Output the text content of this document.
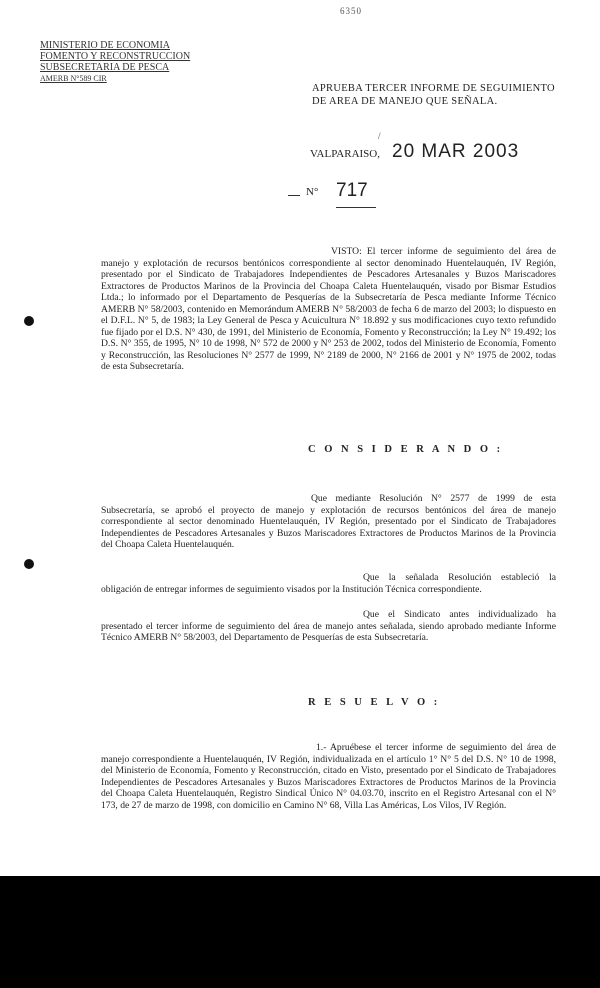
MINISTERIO DE ECONOMIA
FOMENTO Y RECONSTRUCCION
SUBSECRETARIA DE PESCA
AMERB N°589 CIR
6350
APRUEBA TERCER INFORME DE SEGUIMIENTO DE AREA DE MANEJO QUE SEÑALA.
/
VALPARAISO, 20 MAR 2003
N° 717

VISTO: El tercer informe de seguimiento del área de manejo y explotación de recursos bentónicos correspondiente al sector denominado Huentelauquén, IV Región, presentado por el Sindicato de Trabajadores Independientes de Pescadores Artesanales y Buzos Mariscadores Extractores de Productos Marinos de la Provincia del Choapa Caleta Huentelauquén, visado por Bismar Estudios Ltda.; lo informado por el Departamento de Pesquerías de la Subsecretaría de Pesca mediante Informe Técnico AMERB N° 58/2003, contenido en Memorándum AMERB N° 58/2003 de fecha 6 de marzo del 2003; lo dispuesto en el D.F.L. N° 5, de 1983; la Ley General de Pesca y Acuicultura N° 18.892 y sus modificaciones cuyo texto refundido fue fijado por el D.S. N° 430, de 1991, del Ministerio de Economía, Fomento y Reconstrucción; la Ley N° 19.492; los D.S. N° 355, de 1995, N° 10 de 1998, N° 572 de 2000 y N° 253 de 2002, todos del Ministerio de Economía, Fomento y Reconstrucción, las Resoluciones N° 2577 de 1999, N° 2189 de 2000, N° 2166 de 2001 y N° 1975 de 2002, todas de esta Subsecretaría.

C O N S I D E R A N D O :

Que mediante Resolución N° 2577 de 1999 de esta Subsecretaría, se aprobó el proyecto de manejo y explotación de recursos bentónicos del área de manejo correspondiente al sector denominado Huentelauquén, IV Región, presentado por el Sindicato de Trabajadores Independientes de Pescadores Artesanales y Buzos Mariscadores Extractores de Productos Marinos de la Provincia del Choapa Caleta Huentelauquén.

Que la señalada Resolución estableció la obligación de entregar informes de seguimiento visados por la Institución Técnica correspondiente.

Que el Sindicato antes individualizado ha presentado el tercer informe de seguimiento del área de manejo antes señalada, siendo aprobado mediante Informe Técnico AMERB N° 58/2003, del Departamento de Pesquerías de esta Subsecretaría.

R E S U E L V O :

1.- Apruébese el tercer informe de seguimiento del área de manejo correspondiente a Huentelauquén, IV Región, individualizada en el artículo 1° N° 5 del D.S. N° 10 de 1998, del Ministerio de Economía, Fomento y Reconstrucción, citado en Visto, presentado por el Sindicato de Trabajadores Independientes de Pescadores Artesanales y Buzos Mariscadores Extractores de Productos Marinos de la Provincia del Choapa Caleta Huentelauquén, Registro Sindical Único N° 04.03.70, inscrito en el Registro Artesanal con el N° 173, de 27 de marzo de 1998, con domicilio en Camino N° 68, Villa Las Américas, Los Vilos, IV Región.
